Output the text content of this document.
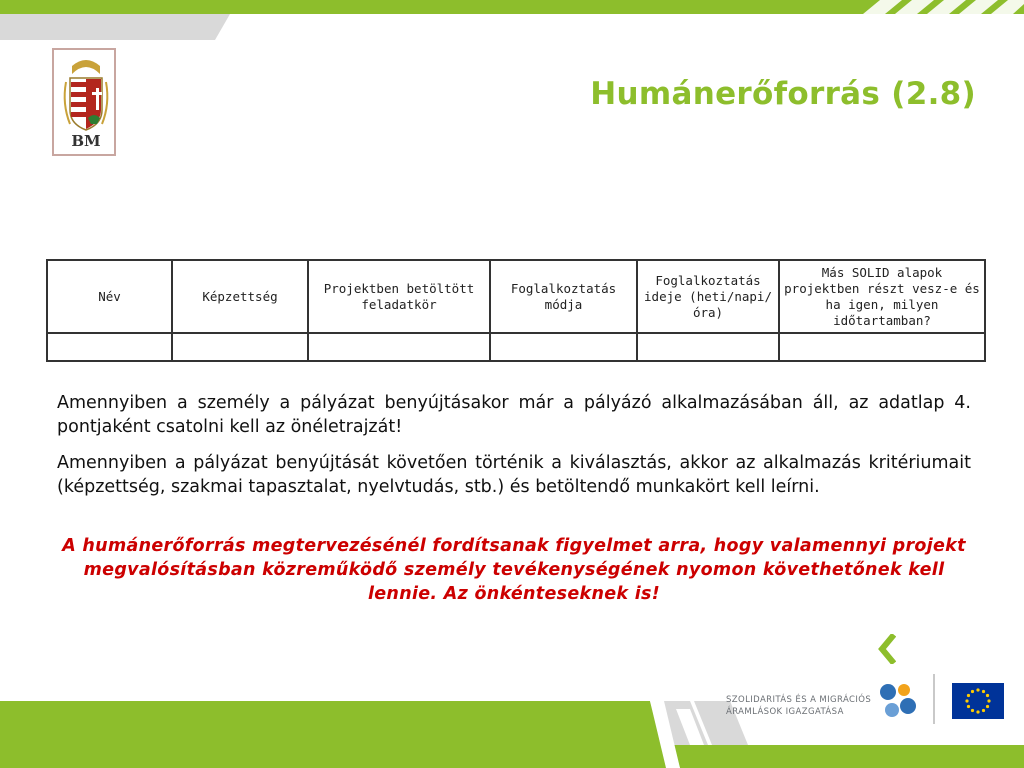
BM
Humánerőforrás (2.8)
Név	Képzettség	Projektben betöltött feladatkör	Foglalkoztatás módja	Foglalkoztatás ideje (heti/napi/óra)	Más SOLID alapok projektben részt vesz-e és ha igen, milyen időtartamban?

Amennyiben a személy a pályázat benyújtásakor már a pályázó alkalmazásában áll, az adatlap 4. pontjaként csatolni kell az önéletrajzát!

Amennyiben a pályázat benyújtását követően történik a kiválasztás, akkor az alkalmazás kritériumait (képzettség, szakmai tapasztalat, nyelvtudás, stb.) és betöltendő munkakört kell leírni.

A humánerőforrás megtervezésénél fordítsanak figyelmet arra, hogy valamennyi projekt megvalósításban közreműködő személy tevékenységének nyomon követhetőnek kell lennie. Az önkénteseknek is!

SZOLIDARITÁS ÉS A MIGRÁCIÓS
ÁRAMLÁSOK IGAZGATÁSA
